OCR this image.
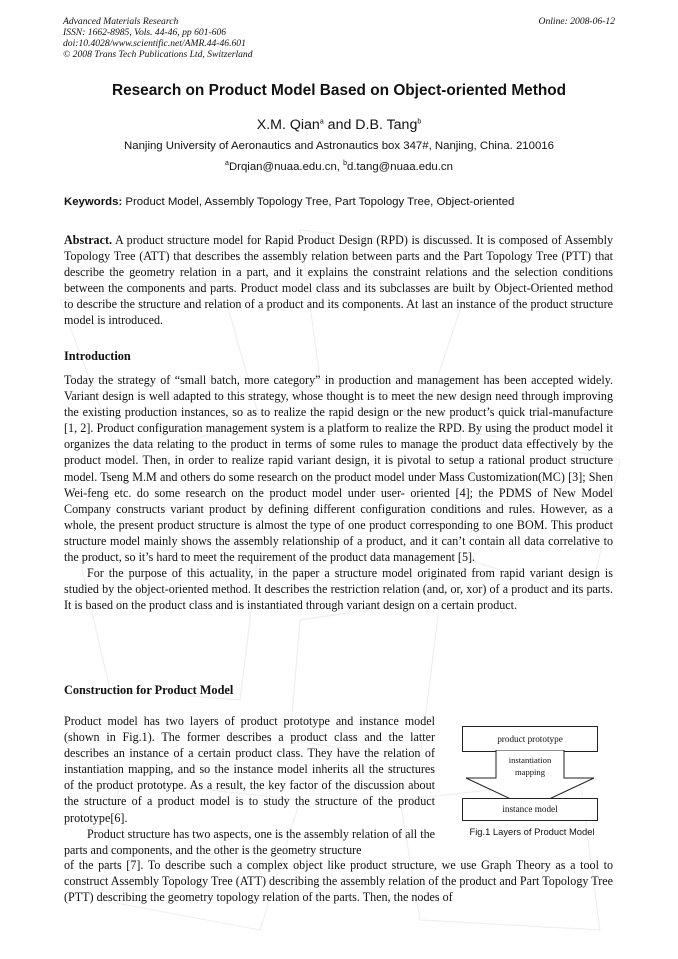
Advanced Materials Research
ISSN: 1662-8985, Vols. 44-46, pp 601-606
doi:10.4028/www.scientific.net/AMR.44-46.601
© 2008 Trans Tech Publications Ltd, Switzerland
Online: 2008-06-12
Research on Product Model Based on Object-oriented Method
X.M. Qian$^a$ and D.B. Tang$^b$
Nanjing University of Aeronautics and Astronautics box 347#, Nanjing, China. 210016
$^a$Drqian@nuaa.edu.cn, $^b$d.tang@nuaa.edu.cn
Keywords: Product Model, Assembly Topology Tree, Part Topology Tree, Object-oriented

Abstract. A product structure model for Rapid Product Design (RPD) is discussed. It is composed of Assembly Topology Tree (ATT) that describes the assembly relation between parts and the Part Topology Tree (PTT) that describe the geometry relation in a part, and it explains the constraint relations and the selection conditions between the components and parts. Product model class and its subclasses are built by Object-Oriented method to describe the structure and relation of a product and its components. At last an instance of the product structure model is introduced.

Introduction

Today the strategy of “small batch, more category” in production and management has been accepted widely. Variant design is well adapted to this strategy, whose thought is to meet the new design need through improving the existing production instances, so as to realize the rapid design or the new product’s quick trial-manufacture [1, 2]. Product configuration management system is a platform to realize the RPD. By using the product model it organizes the data relating to the product in terms of some rules to manage the product data effectively by the product model. Then, in order to realize rapid variant design, it is pivotal to setup a rational product structure model. Tseng M.M and others do some research on the product model under Mass Customization(MC) [3]; Shen Wei-feng etc. do some research on the product model under user- oriented [4]; the PDMS of New Model Company constructs variant product by defining different configuration conditions and rules. However, as a whole, the present product structure is almost the type of one product corresponding to one BOM. This product structure model mainly shows the assembly relationship of a product, and it can’t contain all data correlative to the product, so it’s hard to meet the requirement of the product data management [5].

For the purpose of this actuality, in the paper a structure model originated from rapid variant design is studied by the object-oriented method. It describes the restriction relation (and, or, xor) of a product and its parts. It is based on the product class and is instantiated through variant design on a certain product.

Construction for Product Model

Product model has two layers of product prototype and instance model (shown in Fig.1). The former describes a product class and the latter describes an instance of a certain product class. They have the relation of instantiation mapping, and so the instance model inherits all the structures of the product prototype. As a result, the key factor of the discussion about the structure of a product model is to study the structure of the product prototype[6].

Product structure has two aspects, one is the assembly relation of all the parts and components, and the other is the geometry structure

of the parts [7]. To describe such a complex object like product structure, we use Graph Theory as a tool to construct Assembly Topology Tree (ATT) describing the assembly relation of the product and Part Topology Tree (PTT) describing the geometry topology relation of the parts. Then, the nodes of

product prototype
instantiation
mapping
instance model
Fig.1 Layers of Product Model
